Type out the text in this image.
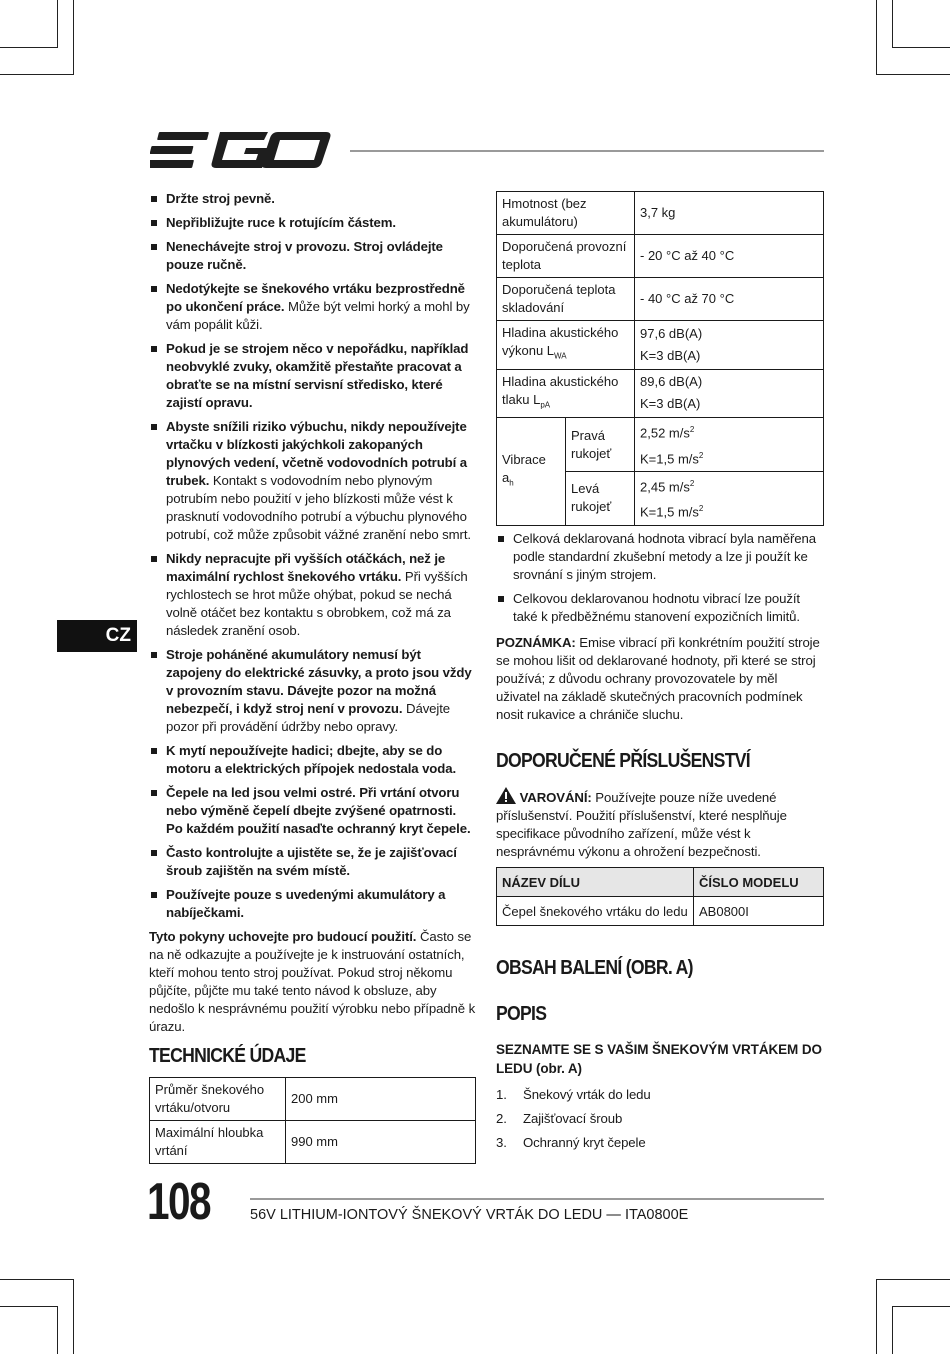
CZ
Držte stroj pevně.
Nepřibližujte ruce k rotujícím částem.
Nenechávejte stroj v provozu. Stroj ovládejte pouze ručně.
Nedotýkejte se šnekového vrtáku bezprostředně po ukončení práce. Může být velmi horký a mohl by vám popálit kůži.
Pokud je se strojem něco v nepořádku, například neobvyklé zvuky, okamžitě přestaňte pracovat a obraťte se na místní servisní středisko, které zajistí opravu.
Abyste snížili riziko výbuchu, nikdy nepoužívejte vrtačku v blízkosti jakýchkoli zakopaných plynových vedení, včetně vodovodních potrubí a trubek. Kontakt s vodovodním nebo plynovým potrubím nebo použití v jeho blízkosti může vést k prasknutí vodovodního potrubí a výbuchu plynového potrubí, což může způsobit vážné zranění nebo smrt.
Nikdy nepracujte při vyšších otáčkách, než je maximální rychlost šnekového vrtáku. Při vyšších rychlostech se hrot může ohýbat, pokud se nechá volně otáčet bez kontaktu s obrobkem, což má za následek zranění osob.
Stroje poháněné akumulátory nemusí být zapojeny do elektrické zásuvky, a proto jsou vždy v provozním stavu. Dávejte pozor na možná nebezpečí, i když stroj není v provozu. Dávejte pozor při provádění údržby nebo opravy.
K mytí nepoužívejte hadici; dbejte, aby se do motoru a elektrických přípojek nedostala voda.
Čepele na led jsou velmi ostré. Při vrtání otvoru nebo výměně čepelí dbejte zvýšené opatrnosti. Po každém použití nasaďte ochranný kryt čepele.
Často kontrolujte a ujistěte se, že je zajišťovací šroub zajištěn na svém místě.
Používejte pouze s uvedenými akumulátory a nabíječkami.

Tyto pokyny uchovejte pro budoucí použití. Často se na ně odkazujte a používejte je k instruování ostatních, kteří mohou tento stroj používat. Pokud stroj někomu půjčíte, půjčte mu také tento návod k obsluze, aby nedošlo k nesprávnému použití výrobku nebo případně k úrazu.

TECHNICKÉ ÚDAJE
Průměr šnekového vrtáku/otvoru	200 mm
Maximální hloubka vrtání	990 mm
Hmotnost (bez akumulátoru)		3,7 kg
Doporučená provozní teplota		- 20 °C až 40 °C
Doporučená teplota skladování		- 40 °C až 70 °C
Hladina akustického výkonu $L_{WA}$		97,6 dB(A)
K=3 dB(A)

Hladina akustického tlaku $L_{pA}$		89,6 dB(A)
K=3 dB(A)

Vibrace $a_h$	Pravá rukojeť	2,52 $m/s^2$
K=1,5 $m/s^2$

	Levá rukojeť	2,45 $m/s^2$
K=1,5 $m/s^2$
Celková deklarovaná hodnota vibrací byla naměřena podle standardní zkušební metody a lze ji použít ke srovnání s jiným strojem.
Celkovou deklarovanou hodnotu vibrací lze použít také k předběžnému stanovení expozičních limitů.

POZNÁMKA: Emise vibrací při konkrétním použití stroje se mohou lišit od deklarované hodnoty, při které se stroj používá; z důvodu ochrany provozovatele by měl uživatel na základě skutečných pracovních podmínek nosit rukavice a chrániče sluchu.

DOPORUČENÉ PŘÍSLUŠENSTVÍ

VAROVÁNÍ: Používejte pouze níže uvedené příslušenství. Použití příslušenství, které nesplňuje specifikace původního zařízení, může vést k nesprávnému výkonu a ohrožení bezpečnosti.

NÁZEV DÍLU	ČÍSLO MODELU
Čepel šnekového vrtáku do ledu	AB0800I
OBSAH BALENÍ (OBR. A)
POPIS

SEZNAMTE SE S VAŠIM ŠNEKOVÝM VRTÁKEM DO LEDU (obr. A)

1. Šnekový vrták do ledu
2. Zajišťovací šroub
3. Ochranný kryt čepele
108	56V LITHIUM-IONTOVÝ ŠNEKOVÝ VRTÁK DO LEDU — ITA0800E
